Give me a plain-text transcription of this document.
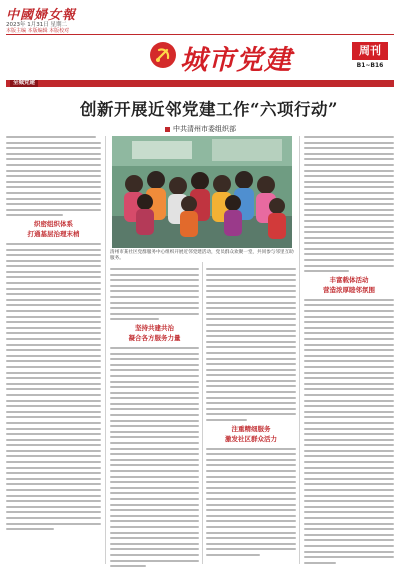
中國婦女報
2023年 1月31日 星期二
本版主编 本版编辑 本版校对
城市党建	周刊
B1~B16
全城党建
创新开展近邻党建工作“六项行动”
中共清州市委组织部
清州市某社区党群服务中心组织开展近邻党建活动，党员群众欢聚一堂，共同参与邻里互助服务。
织密组织体系
打通基层治理末梢
坚持共建共治
凝合各方服务力量
注重精细服务
激发社区群众活力
丰富载体活动
营造浓厚睦邻氛围
